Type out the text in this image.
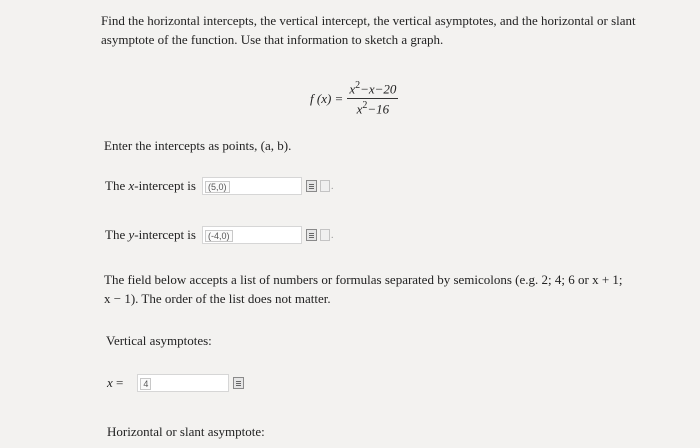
Find the horizontal intercepts, the vertical intercept, the vertical asymptotes, and the horizontal or slant asymptote of the function. Use that information to sketch a graph.
f $(x) = \frac{x^2-x-20}{x^2-16}$
Enter the intercepts as points, (a, b).
The x-intercept is	(5,0)	.
The y-intercept is	(-4,0)	.
The field below accepts a list of numbers or formulas separated by semicolons (e.g. 2; 4; 6 or x + 1; x − 1). The order of the list does not matter.
Vertical asymptotes:
x =	4
Horizontal or slant asymptote:
